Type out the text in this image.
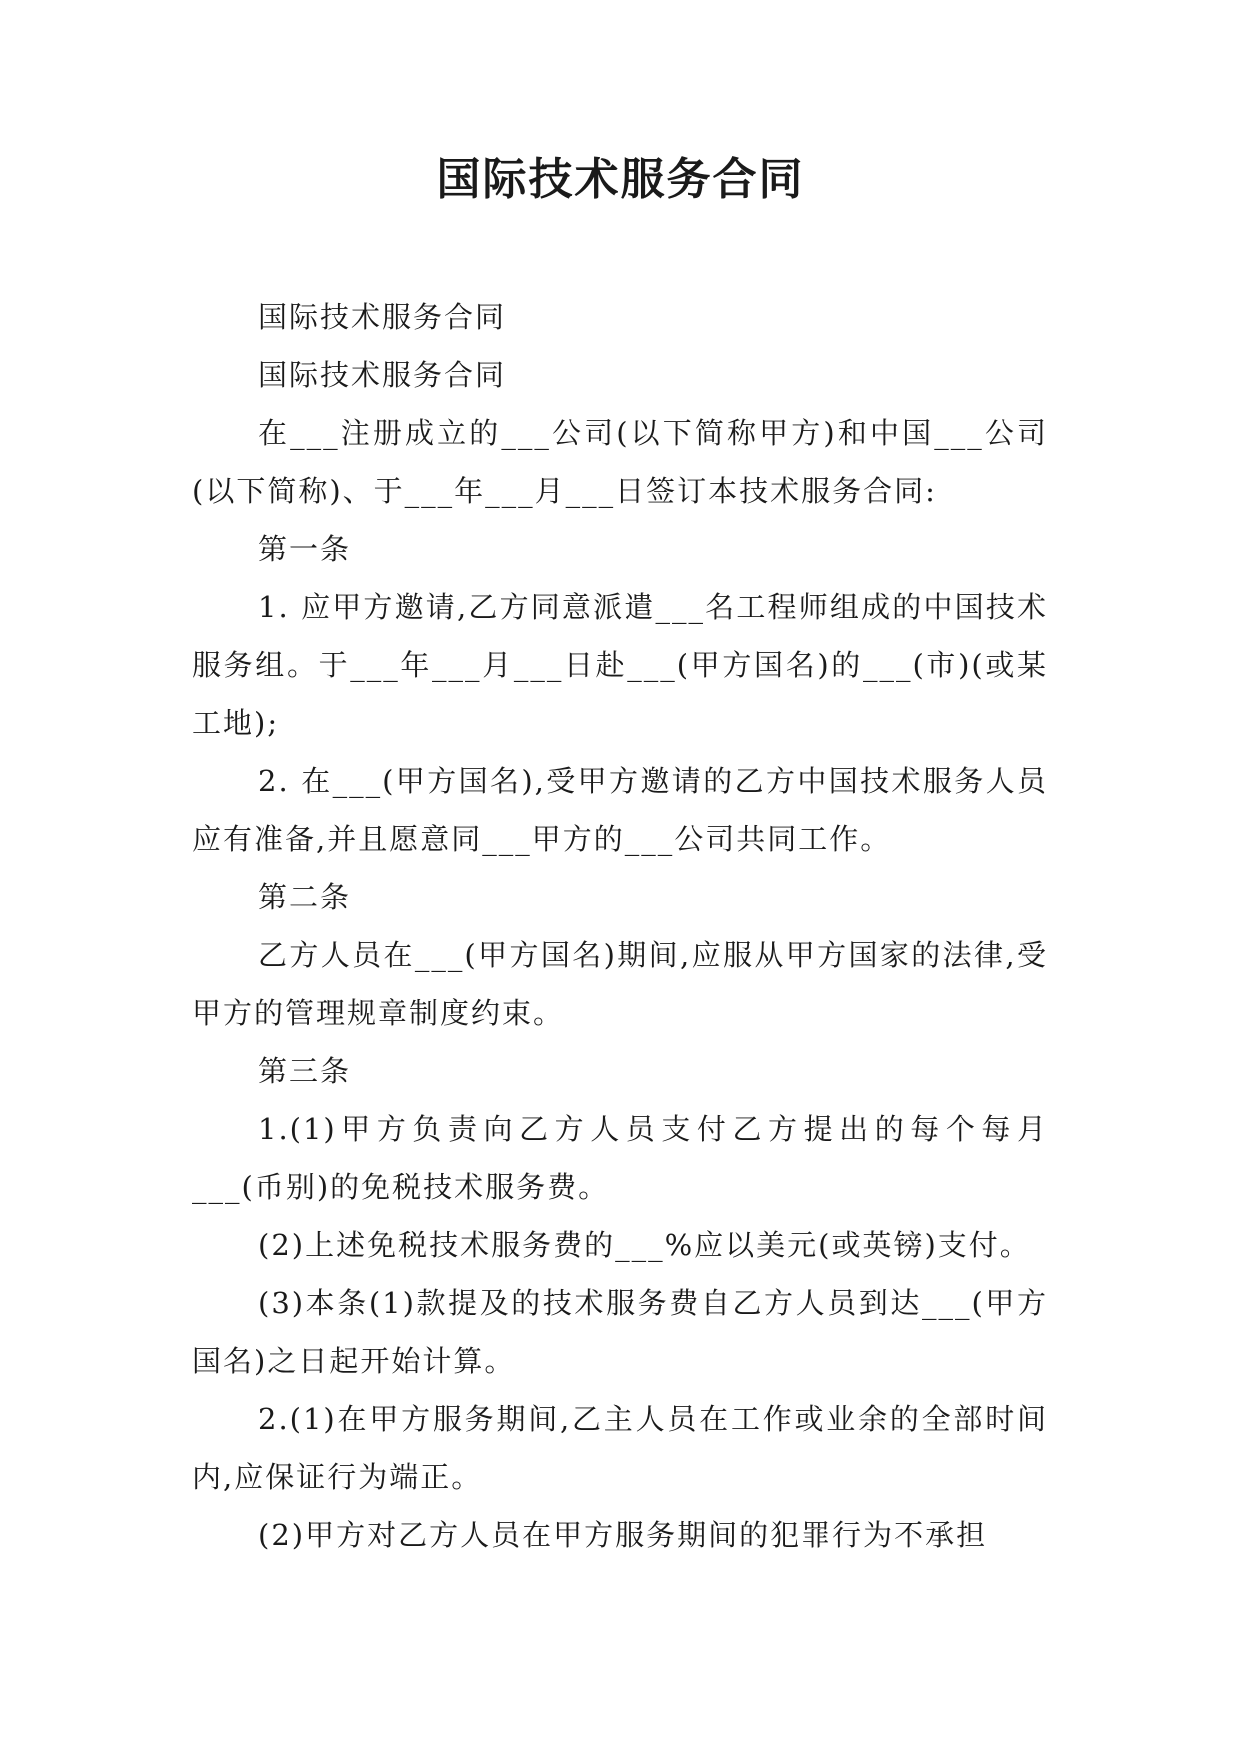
国际技术服务合同

国际技术服务合同

国际技术服务合同

在___注册成立的___公司(以下简称甲方)和中国___公司(以下简称)、于___年___月___日签订本技术服务合同:

第一条

1. 应甲方邀请,乙方同意派遣___名工程师组成的中国技术服务组。于___年___月___日赴___(甲方国名)的___(市)(或某工地);

2. 在___(甲方国名),受甲方邀请的乙方中国技术服务人员应有准备,并且愿意同___甲方的___公司共同工作。

第二条

乙方人员在___(甲方国名)期间,应服从甲方国家的法律,受甲方的管理规章制度约束。

第三条

1.(1)甲方负责向乙方人员支付乙方提出的每个每月___(币别)的免税技术服务费。

(2)上述免税技术服务费的___%应以美元(或英镑)支付。

(3)本条(1)款提及的技术服务费自乙方人员到达___(甲方国名)之日起开始计算。

2.(1)在甲方服务期间,乙主人员在工作或业余的全部时间内,应保证行为端正。

(2)甲方对乙方人员在甲方服务期间的犯罪行为不承担
